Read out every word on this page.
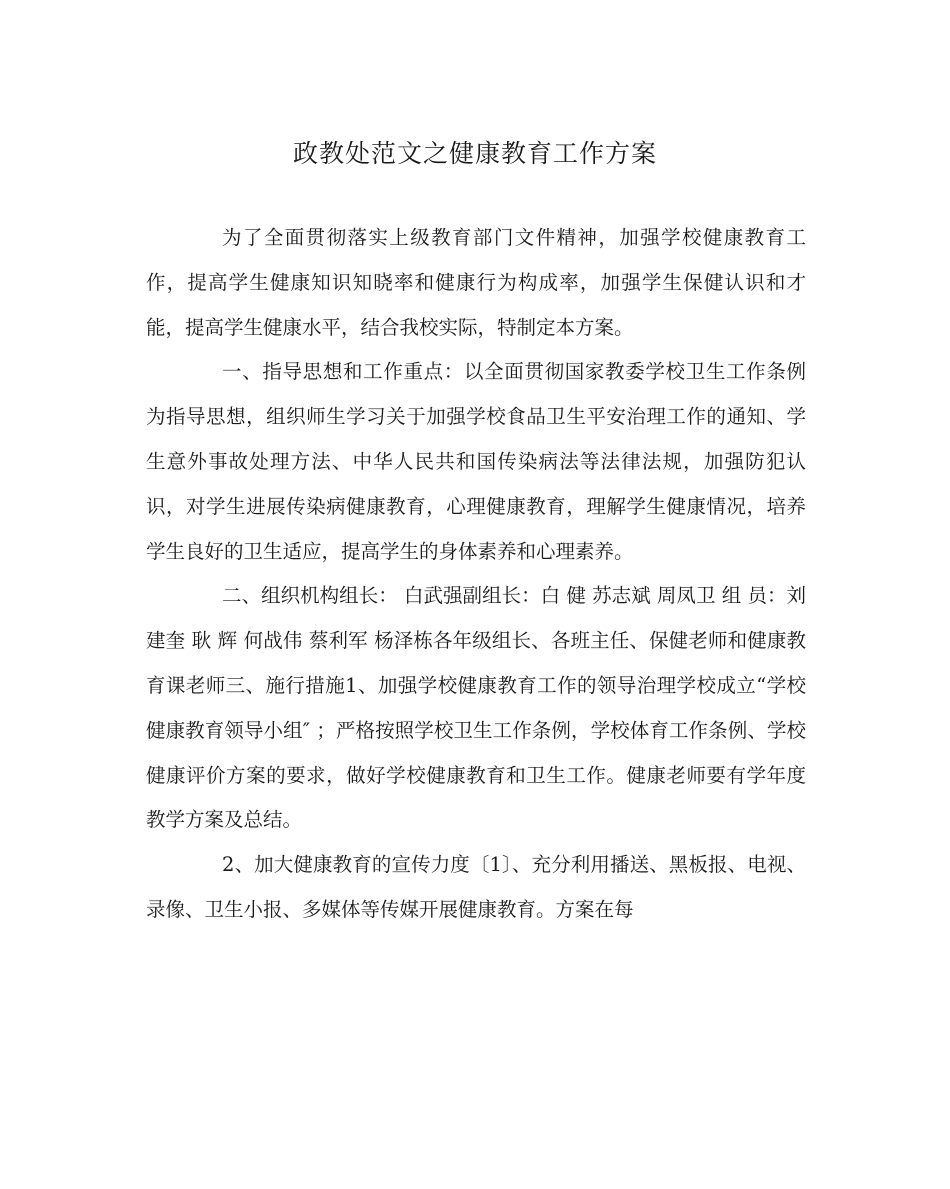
政教处范文之健康教育工作方案

为了全面贯彻落实上级教育部门文件精神，加强学校健康教育工作，提高学生健康知识知晓率和健康行为构成率，加强学生保健认识和才能，提高学生健康水平，结合我校实际，特制定本方案。

一、指导思想和工作重点：以全面贯彻国家教委学校卫生工作条例为指导思想，组织师生学习关于加强学校食品卫生平安治理工作的通知、学生意外事故处理方法、中华人民共和国传染病法等法律法规，加强防犯认识，对学生进展传染病健康教育，心理健康教育，理解学生健康情况，培养学生良好的卫生适应，提高学生的身体素养和心理素养。

二、组织机构组长： 白武强副组长：白 健 苏志斌 周凤卫 组 员：刘建奎 耿 辉 何战伟 蔡利军 杨泽栋各年级组长、各班主任、保健老师和健康教育课老师三、施行措施1、加强学校健康教育工作的领导治理学校成立“学校健康教育领导小组″ ；严格按照学校卫生工作条例，学校体育工作条例、学校健康评价方案的要求，做好学校健康教育和卫生工作。健康老师要有学年度教学方案及总结。

2、加大健康教育的宣传力度〔1〕、充分利用播送、黑板报、电视、录像、卫生小报、多媒体等传媒开展健康教育。方案在每
